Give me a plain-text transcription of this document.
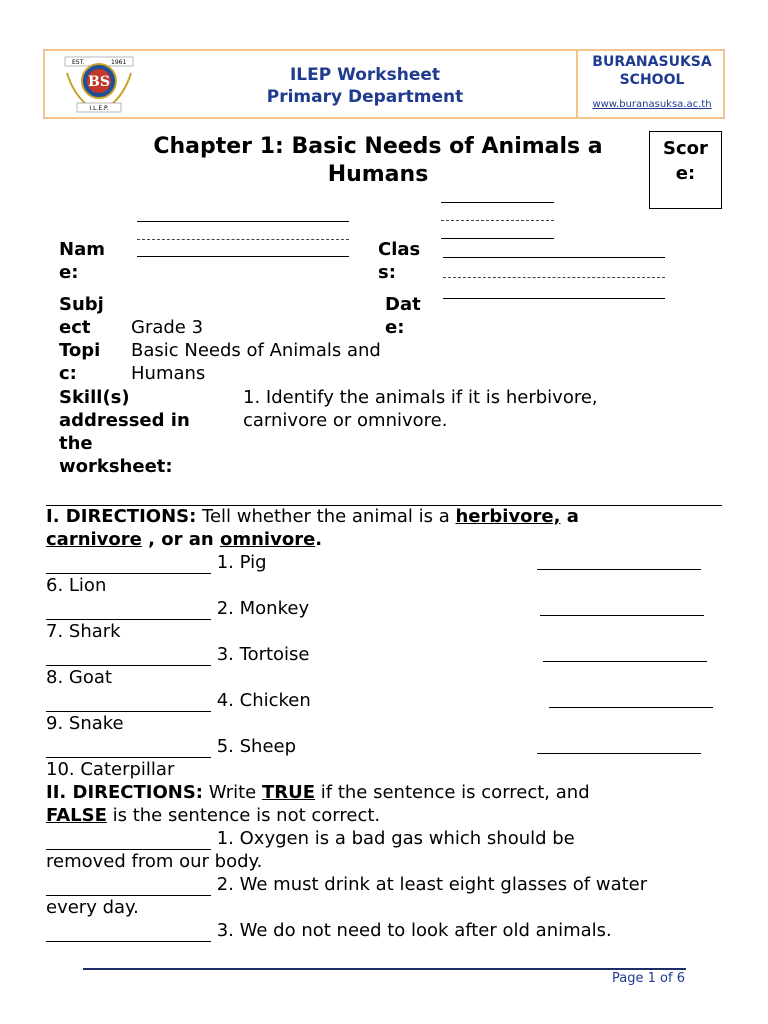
EST.	1961
BS
I.L.E.P.
ILEP Worksheet
Primary Department
BURANASUKSA
SCHOOL
www.buranasuksa.ac.th
Chapter 1: Basic Needs of Animals a
Humans
Scor
e:
Nam
e:
Clas
s:
Subj
ect	Grade 3
Dat
e:
Topi
c:
Basic Needs of Animals and
Humans
Skill(s)
addressed in
the
worksheet:
1. Identify the animals if it is herbivore,
carnivore or omnivore.
I. DIRECTIONS: Tell whether the animal is a herbivore, a
carnivore , or an omnivore.
1. Pig
6. Lion
2. Monkey
7. Shark
3. Tortoise
8. Goat
4. Chicken
9. Snake
5. Sheep
10. Caterpillar
II. DIRECTIONS: Write TRUE if the sentence is correct, and
FALSE is the sentence is not correct.
1. Oxygen is a bad gas which should be
removed from our body.
2. We must drink at least eight glasses of water
every day.
3. We do not need to look after old animals.
Page 1 of 6
